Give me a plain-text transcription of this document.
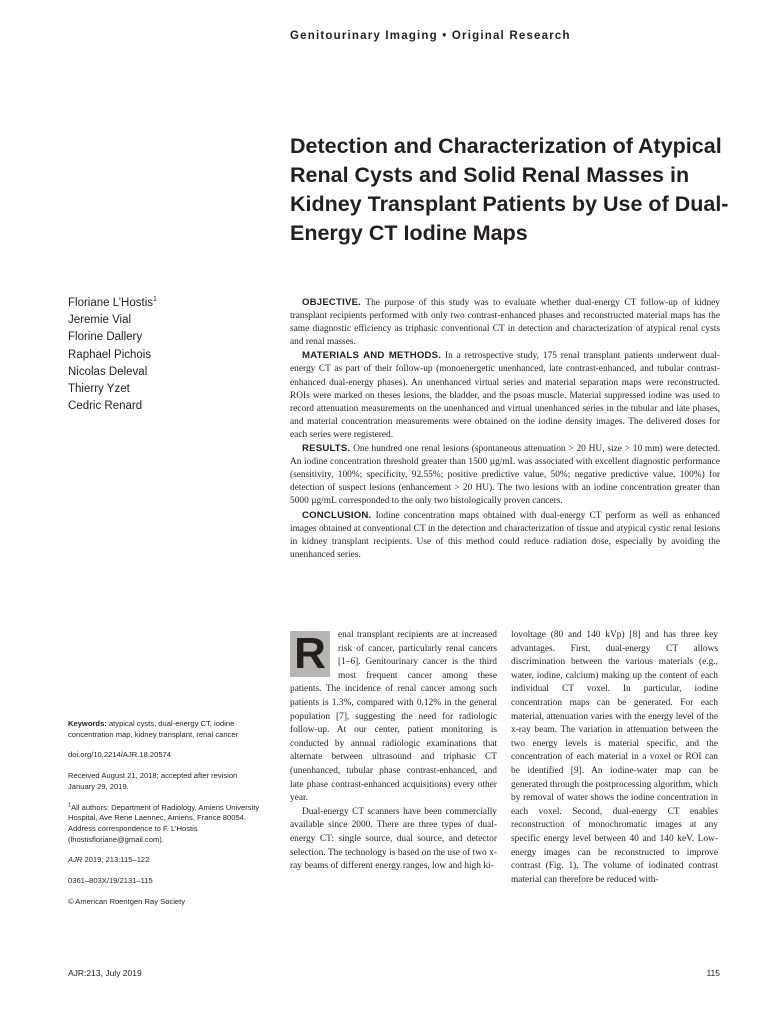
Genitourinary Imaging • Original Research
Detection and Characterization of Atypical Renal Cysts and Solid Renal Masses in Kidney Transplant Patients by Use of Dual-Energy CT Iodine Maps
Floriane L’Hostis$^1$
Jeremie Vial
Florine Dallery
Raphael Pichois
Nicolas Deleval
Thierry Yzet
Cedric Renard

OBJECTIVE. The purpose of this study was to evaluate whether dual-energy CT follow-up of kidney transplant recipients performed with only two contrast-enhanced phases and reconstructed material maps has the same diagnostic efficiency as triphasic conventional CT in detection and characterization of atypical renal cysts and renal masses.

MATERIALS AND METHODS. In a retrospective study, 175 renal transplant patients underwent dual-energy CT as part of their follow-up (monoenergetic unenhanced, late contrast-enhanced, and tubular contrast-enhanced dual-energy phases). An unenhanced virtual series and material separation maps were reconstructed. ROIs were marked on theses lesions, the bladder, and the psoas muscle. Material suppressed iodine was used to record attenuation measurements on the unenhanced and virtual unenhanced series in the tubular and late phases, and material concentration measurements were obtained on the iodine density images. The delivered doses for each series were registered.

RESULTS. One hundred one renal lesions (spontaneous attenuation > 20 HU, size > 10 mm) were detected. An iodine concentration threshold greater than 1500 µg/mL was associated with excellent diagnostic performance (sensitivity, 100%; specificity, 92.55%; positive predictive value, 50%; negative predictive value, 100%) for detection of suspect lesions (enhancement > 20 HU). The two lesions with an iodine concentration greater than 5000 µg/mL corresponded to the only two histologically proven cancers.

CONCLUSION. Iodine concentration maps obtained with dual-energy CT perform as well as enhanced images obtained at conventional CT in the detection and characterization of tissue and atypical cystic renal lesions in kidney transplant recipients. Use of this method could reduce radiation dose, especially by avoiding the unenhanced series.

Keywords: atypical cysts, dual-energy CT, iodine concentration map, kidney transplant, renal cancer

doi.org/10.2214/AJR.18.20574

Received August 21, 2018; accepted after revision January 29, 2019.

$^1$All authors: Department of Radiology, Amiens University Hospital, Ave Rene Laennec, Amiens, France 80054. Address correspondence to F. L’Hostis (lhostisfloriane@gmail.com).

AJR 2019; 213:115–122

0361–803X/19/2131–115

© American Roentgen Ray Society

R	enal transplant recipients are at increased risk of cancer, particularly renal cancers [1–6]. Genitourinary cancer is the third most frequent cancer among these patients. The incidence of renal cancer among such patients is 1.3%, compared with 0.12% in the general population [7], suggesting the need for radiologic follow-up. At our center, patient monitoring is conducted by annual radiologic examinations that alternate between ultrasound and triphasic CT (unenhanced, tubular phase contrast-enhanced, and late phase contrast-enhanced acquisitions) every other year.

Dual-energy CT scanners have been commercially available since 2000. There are three types of dual-energy CT: single source, dual source, and detector selection. The technology is based on the use of two x-ray beams of different energy ranges, low and high ki-

lovoltage (80 and 140 kVp) [8] and has three key advantages. First, dual-energy CT allows discrimination between the various materials (e.g., water, iodine, calcium) making up the content of each individual CT voxel. In particular, iodine concentration maps can be generated. For each material, attenuation varies with the energy level of the x-ray beam. The variation in attenuation between the two energy levels is material specific, and the concentration of each material in a voxel or ROI can be identified [9]. An iodine-water map can be generated through the postprocessing algorithm, which by removal of water shows the iodine concentration in each voxel. Second, dual-energy CT enables reconstruction of monochromatic images at any specific energy level between 40 and 140 keV. Low-energy images can be reconstructed to improve contrast (Fig. 1). The volume of iodinated contrast material can therefore be reduced with-

AJR:213, July 2019	115
